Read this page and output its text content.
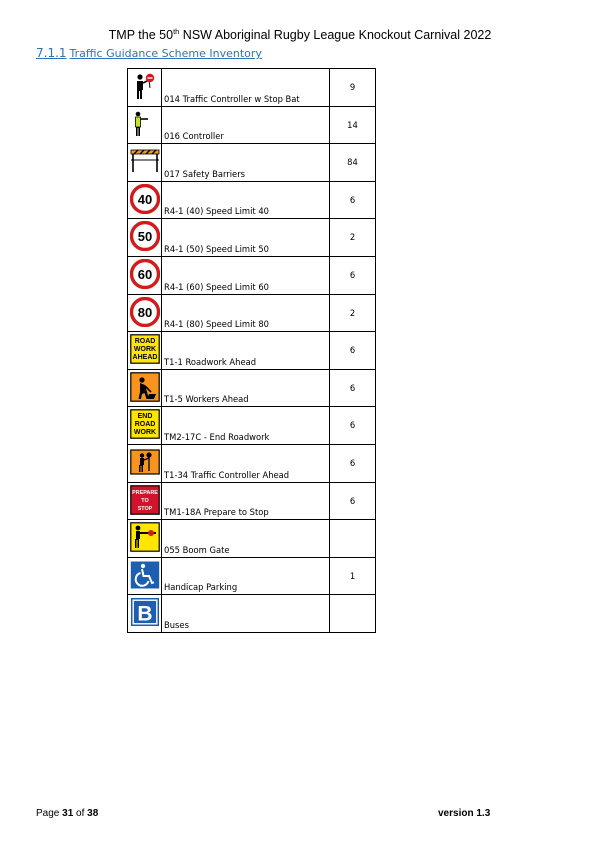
TMP the 50th NSW Aboriginal Rugby League Knockout Carnival 2022
7.1.1 Traffic Guidance Scheme Inventory

014 Traffic Controller w Stop Bat	9

016 Controller	14

017 Safety Barriers	84

40	R4-1 (40) Speed Limit 40	6

50	R4-1 (50) Speed Limit 50	2

60	R4-1 (60) Speed Limit 60	6

80	R4-1 (80) Speed Limit 80	2

ROAD
WORK
AHEAD	T1-1 Roadwork Ahead	6

T1-5 Workers Ahead	6

END
ROAD
WORK	TM2-17C - End Roadwork	6

T1-34 Traffic Controller Ahead	6

PREPARE
TO
STOP	TM1-18A Prepare to Stop	6

055 Boom Gate	

Handicap Parking	1

B	Buses	

Page 31 of 38	version 1.3
